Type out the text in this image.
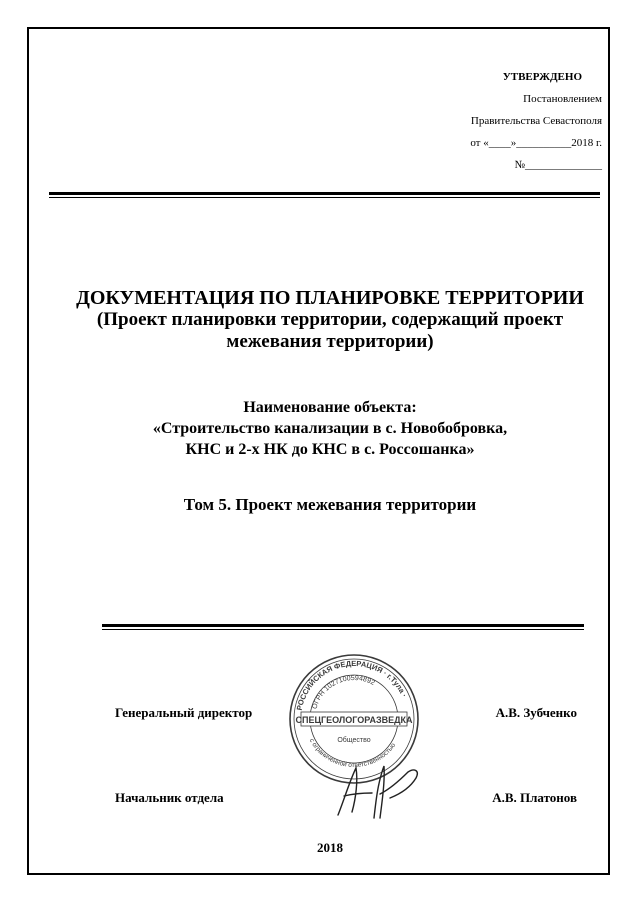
УТВЕРЖДЕНО
Постановлением
Правительства Севастополя
от «____»__________2018 г.
№______________
ДОКУМЕНТАЦИЯ ПО ПЛАНИРОВКЕ ТЕРРИТОРИИ
(Проект планировки территории, содержащий проект
межевания территории)
Наименование объекта:
«Строительство канализации в с. Новобобровка,
КНС и 2-х НК до КНС в с. Россошанка»
Том 5. Проект межевания территории
РОССИЙСКАЯ ФЕДЕРАЦИЯ · г.Тула ·
ОГРН 1027100594892
с ограниченной ответственностью
СПЕЦГЕОЛОГОРАЗВЕДКА
Общество
Генеральный директор	А.В. Зубченко
Начальник отдела	А.В. Платонов
2018
